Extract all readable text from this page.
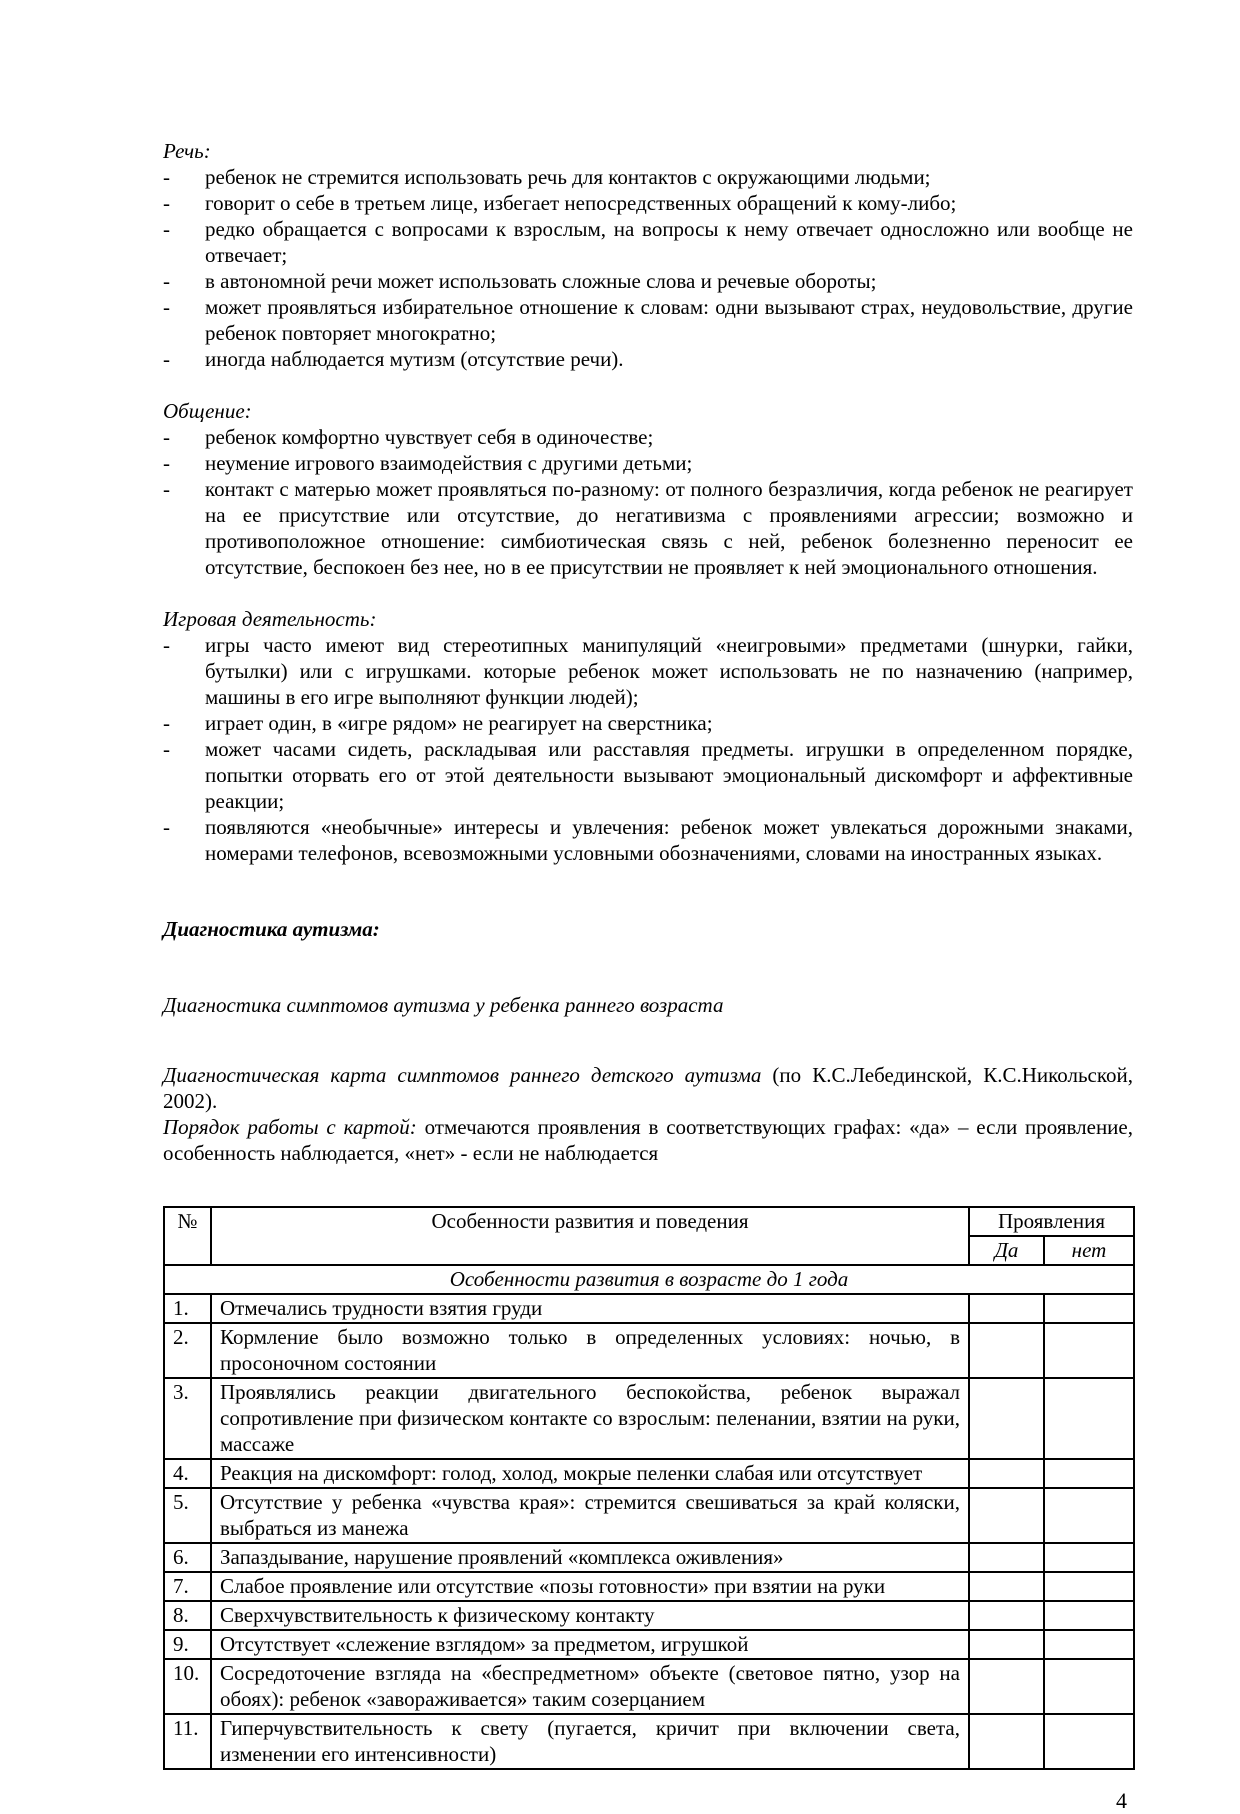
Речь:
-	ребенок не стремится использовать речь для контактов с окружающими людьми;
-	говорит о себе в третьем лице, избегает непосредственных обращений к кому-либо;
-	редко обращается с вопросами к взрослым, на вопросы к нему отвечает односложно или вообще не отвечает;
-	в автономной речи может использовать сложные слова и речевые обороты;
-	может проявляться избирательное отношение к словам: одни вызывают страх, неудовольствие, другие ребенок повторяет многократно;
-	иногда наблюдается мутизм (отсутствие речи).
Общение:
-	ребенок комфортно чувствует себя в одиночестве;
-	неумение игрового взаимодействия с другими детьми;
-	контакт с матерью может проявляться по-разному: от полного безразличия, когда ребенок не реагирует на ее присутствие или отсутствие, до негативизма с проявлениями агрессии; возможно и противоположное отношение: симбиотическая связь с ней, ребенок болезненно переносит ее отсутствие, беспокоен без нее, но в ее присутствии не проявляет к ней эмоционального отношения.
Игровая деятельность:
-	игры часто имеют вид стереотипных манипуляций «неигровыми» предметами (шнурки, гайки, бутылки) или с игрушками. которые ребенок может использовать не по назначению (например, машины в его игре выполняют функции людей);
-	играет один, в «игре рядом» не реагирует на сверстника;
-	может часами сидеть, раскладывая или расставляя предметы. игрушки в определенном порядке, попытки оторвать его от этой деятельности вызывают эмоциональный дискомфорт и аффективные реакции;
-	появляются «необычные» интересы и увлечения: ребенок может увлекаться дорожными знаками, номерами телефонов, всевозможными условными обозначениями, словами на иностранных языках.
Диагностика аутизма:
Диагностика симптомов аутизма у ребенка раннего возраста
Диагностическая карта симптомов раннего детского аутизма (по К.С.Лебединской, К.С.Никольской, 2002).
Порядок работы с картой: отмечаются проявления в соответствующих графах: «да» – если проявление, особенность наблюдается, «нет» - если не наблюдается
№	Особенности развития и поведения	Проявления	
		Да	нет
Особенности развития в возрасте до 1 года			
1.	Отмечались трудности взятия груди		
2.	Кормление было возможно только в определенных условиях: ночью, в просоночном состоянии		
3.	Проявлялись реакции двигательного беспокойства, ребенок выражал сопротивление при физическом контакте со взрослым: пеленании, взятии на руки, массаже		
4.	Реакция на дискомфорт: голод, холод, мокрые пеленки слабая или отсутствует		
5.	Отсутствие у ребенка «чувства края»: стремится свешиваться за край коляски, выбраться из манежа		
6.	Запаздывание, нарушение проявлений «комплекса оживления»		
7.	Слабое проявление или отсутствие «позы готовности» при взятии на руки		
8.	Сверхчувствительность к физическому контакту		
9.	Отсутствует «слежение взглядом» за предметом, игрушкой		
10.	Сосредоточение взгляда на «беспредметном» объекте (световое пятно, узор на обоях): ребенок «завораживается» таким созерцанием		
11.	Гиперчувствительность к свету (пугается, кричит при включении света, изменении его интенсивности)		
4
